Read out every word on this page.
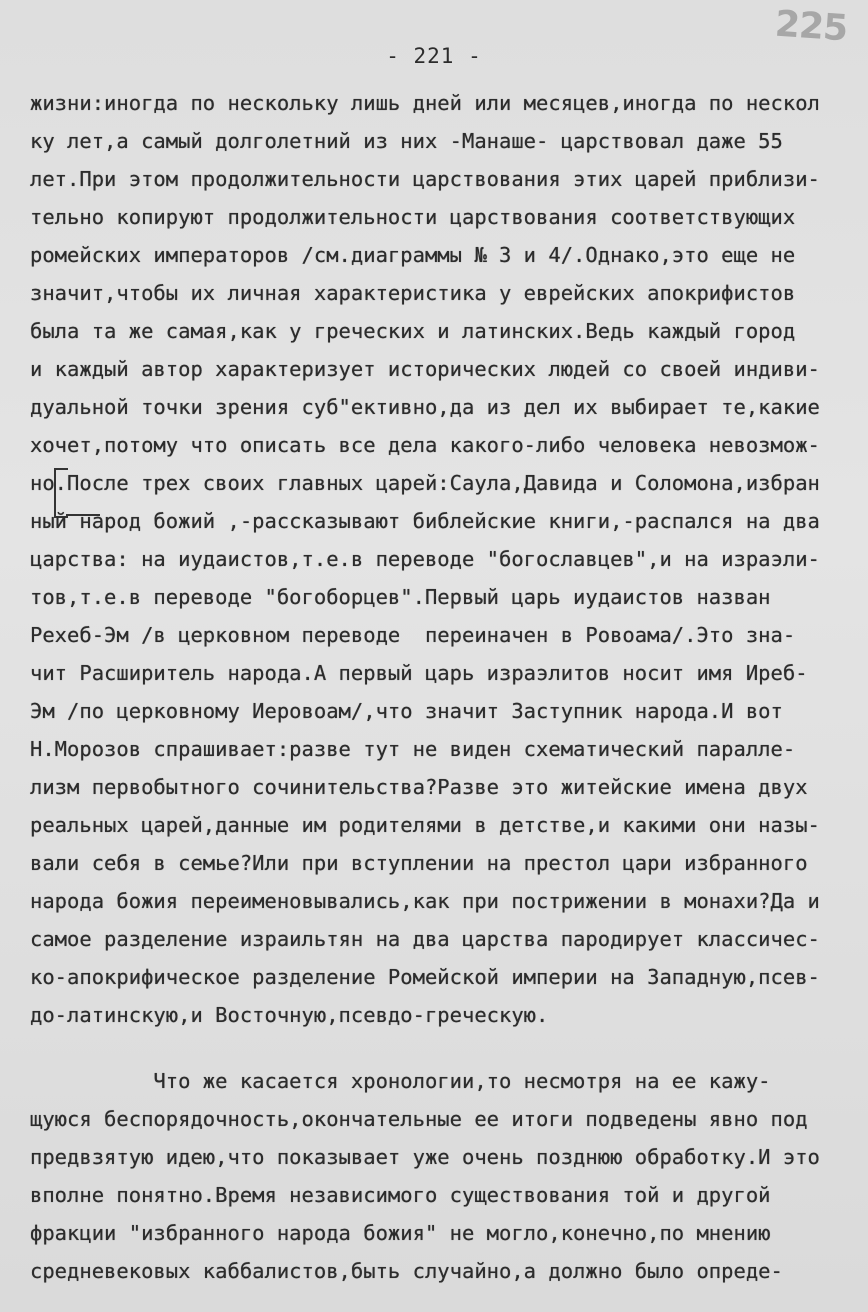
225
- 221 -
жизни:иногда по нескольку лишь дней или месяцев,иногда по нескол
ку лет,а самый долголетний из них -Манаше- царствовал даже 55
лет.При этом продолжительности царствования этих царей приблизи-
тельно копируют продолжительности царствования соответствующих
ромейских императоров /см.диаграммы № 3 и 4/.Однако,это еще не
значит,чтобы их личная характеристика у еврейских апокрифистов
была та же самая,как у греческих и латинских.Ведь каждый город
и каждый автор характеризует исторических людей со своей индиви-
дуальной точки зрения суб"ективно,да из дел их выбирает те,какие
хочет,потому что описать все дела какого-либо человека невозмож-
но.После трех своих главных царей:Саула,Давида и Соломона,избран
ный народ божий ,-рассказывают библейские книги,-распался на два
царства: на иудаистов,т.е.в переводе "богославцев",и на израэли-
тов,т.е.в переводе "богоборцев".Первый царь иудаистов назван
Рехеб-Эм /в церковном переводе  переиначен в Ровоама/.Это зна-
чит Расширитель народа.А первый царь израэлитов носит имя Иреб-
Эм /по церковному Иеровоам/,что значит Заступник народа.И вот
Н.Морозов спрашивает:разве тут не виден схематический паралле-
лизм первобытного сочинительства?Разве это житейские имена двух
реальных царей,данные им родителями в детстве,и какими они назы-
вали себя в семье?Или при вступлении на престол цари избранного
народа божия переименовывались,как при пострижении в монахи?Да и
самое разделение израильтян на два царства пародирует классичес-
ко-апокрифическое разделение Ромейской империи на Западную,псев-
до-латинскую,и Восточную,псевдо-греческую.
Что же касается хронологии,то несмотря на ее кажу-
щуюся беспорядочность,окончательные ее итоги подведены явно под
предвзятую идею,что показывает уже очень позднюю обработку.И это
вполне понятно.Время независимого существования той и другой
фракции "избранного народа божия" не могло,конечно,по мнению
средневековых каббалистов,быть случайно,а должно было опреде-
